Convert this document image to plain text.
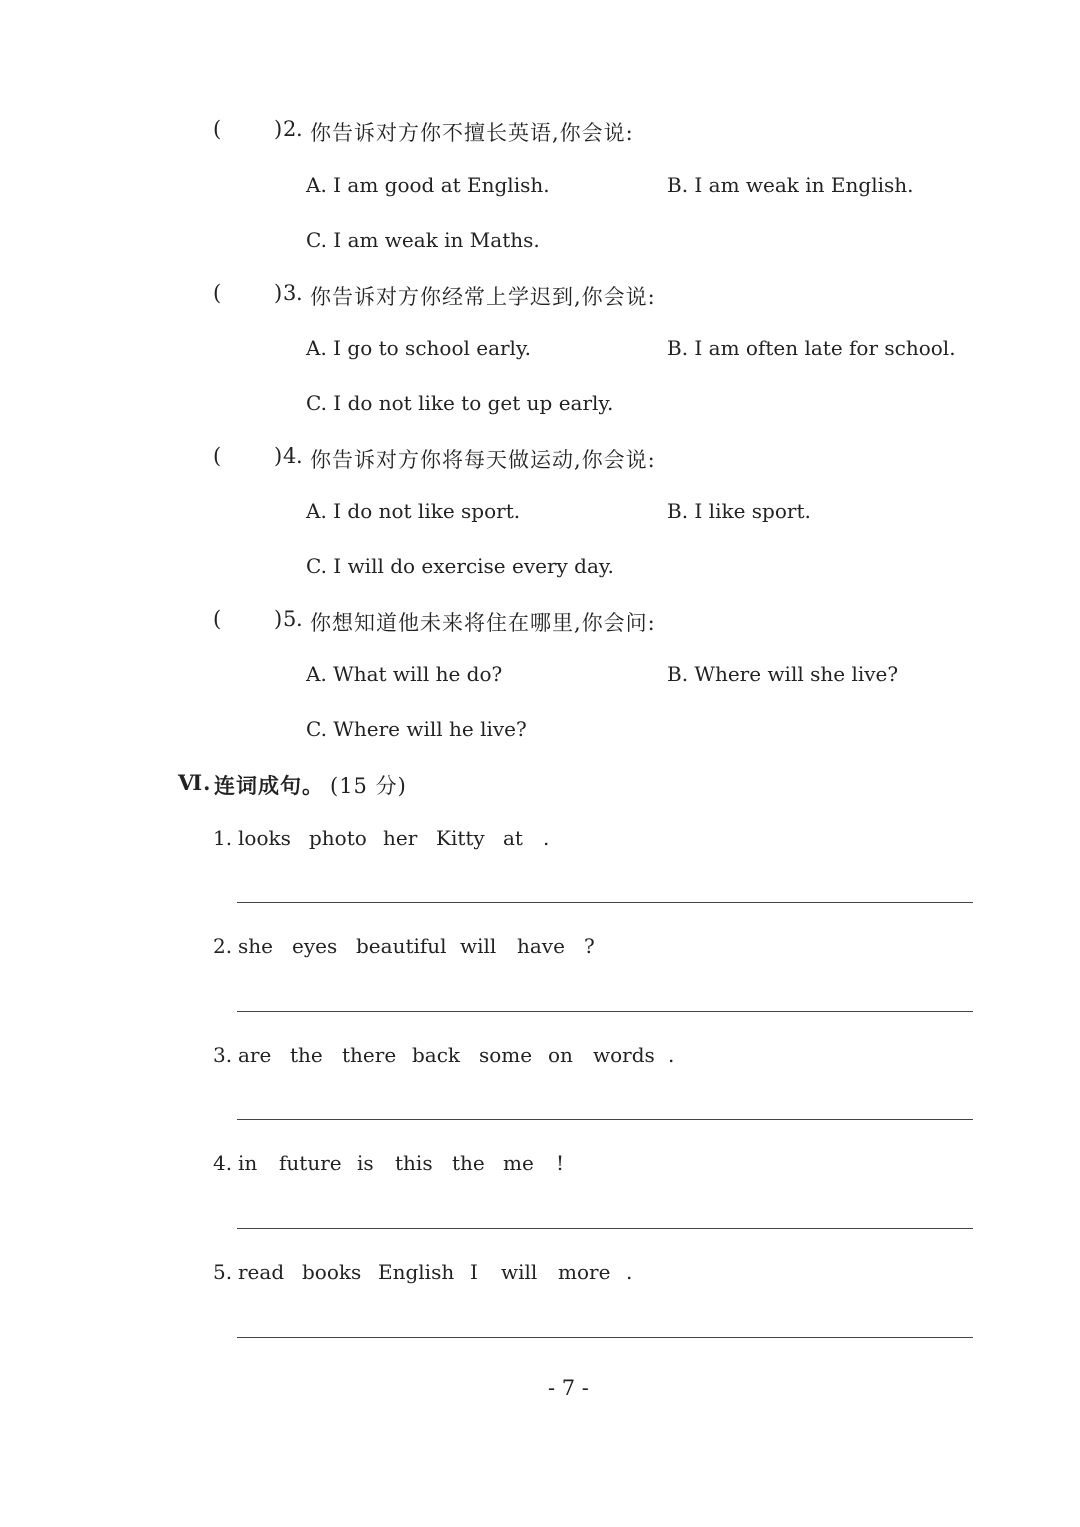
(	) 2
. 你告诉对方你不擅长英语,你会说:
A. I am good at English.	B. I am weak in English.
C. I am weak in Maths.
(	) 3
. 你告诉对方你经常上学迟到,你会说:
A. I go to school early.	B. I am often late for school.
C. I do not like to get up early.
(	) 4
. 你告诉对方你将每天做运动,你会说:
A. I do not like sport.	B. I like sport.
C. I will do exercise every day.
(	) 5
. 你想知道他未来将住在哪里,你会问:
A. What will he do?	B. Where will she live?
C. Where will he live?
Ⅵ. 连词成句。 (15 分)
1. looks photo her Kitty at .
2. she eyes beautiful will have ?
3. are the there back some on words .
4. in future is this the me !
5. read books English I will more .
- 7 -
